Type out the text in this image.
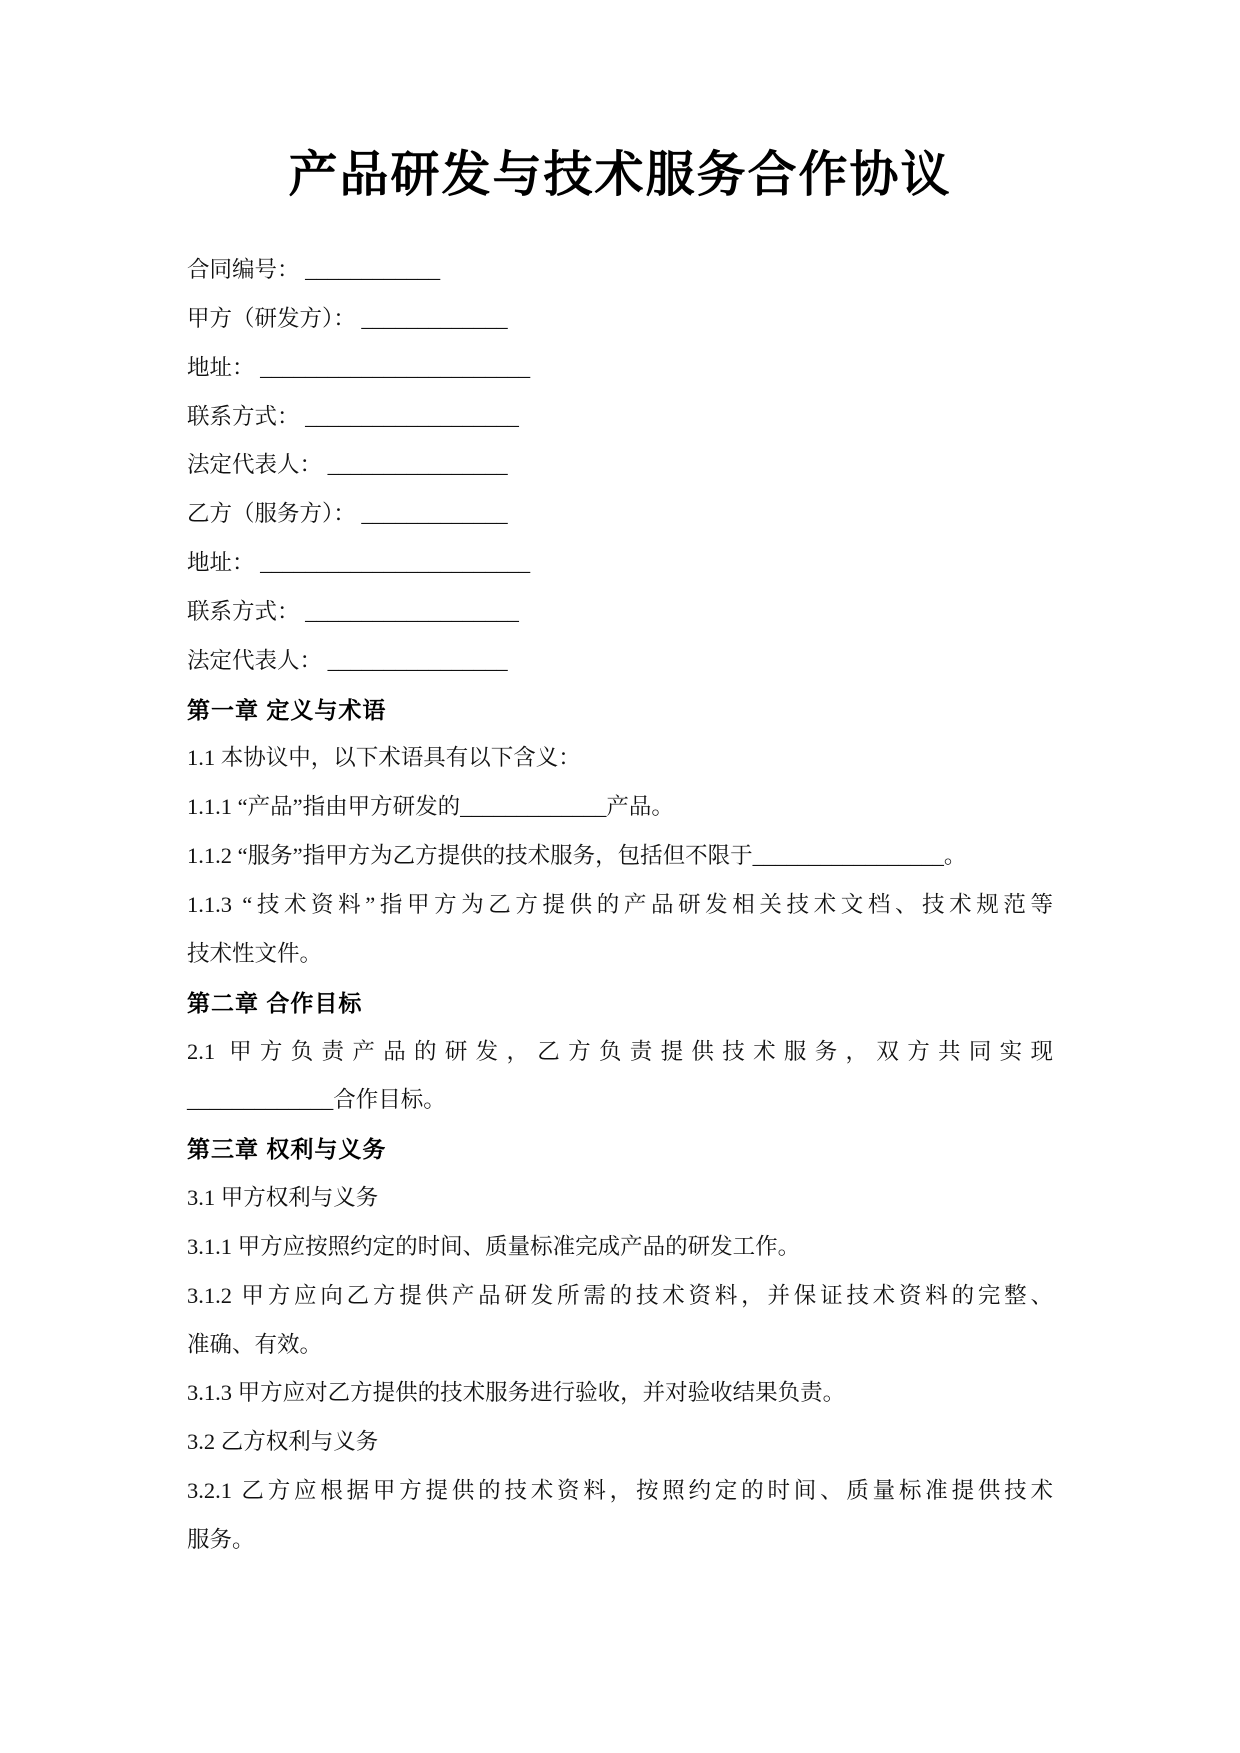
产品研发与技术服务合作协议
合同编号： ____________
甲方（研发方）： _____________
地址： ________________________
联系方式： ___________________
法定代表人： ________________
乙方（服务方）： _____________
地址： ________________________
联系方式： ___________________
法定代表人： ________________
第一章 定义与术语
1.1 本协议中，以下术语具有以下含义：
1.1.1 “产品”指由甲方研发的_____________产品。
1.1.2 “服务”指甲方为乙方提供的技术服务，包括但不限于_________________。
1.1.3 “技术资料”指甲方为乙方提供的产品研发相关技术文档、技术规范等
技术性文件。
第二章 合作目标
2.1 甲方负责产品的研发，乙方负责提供技术服务，双方共同实现
_____________合作目标。
第三章 权利与义务
3.1 甲方权利与义务
3.1.1 甲方应按照约定的时间、质量标准完成产品的研发工作。
3.1.2 甲方应向乙方提供产品研发所需的技术资料，并保证技术资料的完整、
准确、有效。
3.1.3 甲方应对乙方提供的技术服务进行验收，并对验收结果负责。
3.2 乙方权利与义务
3.2.1 乙方应根据甲方提供的技术资料，按照约定的时间、质量标准提供技术
服务。
